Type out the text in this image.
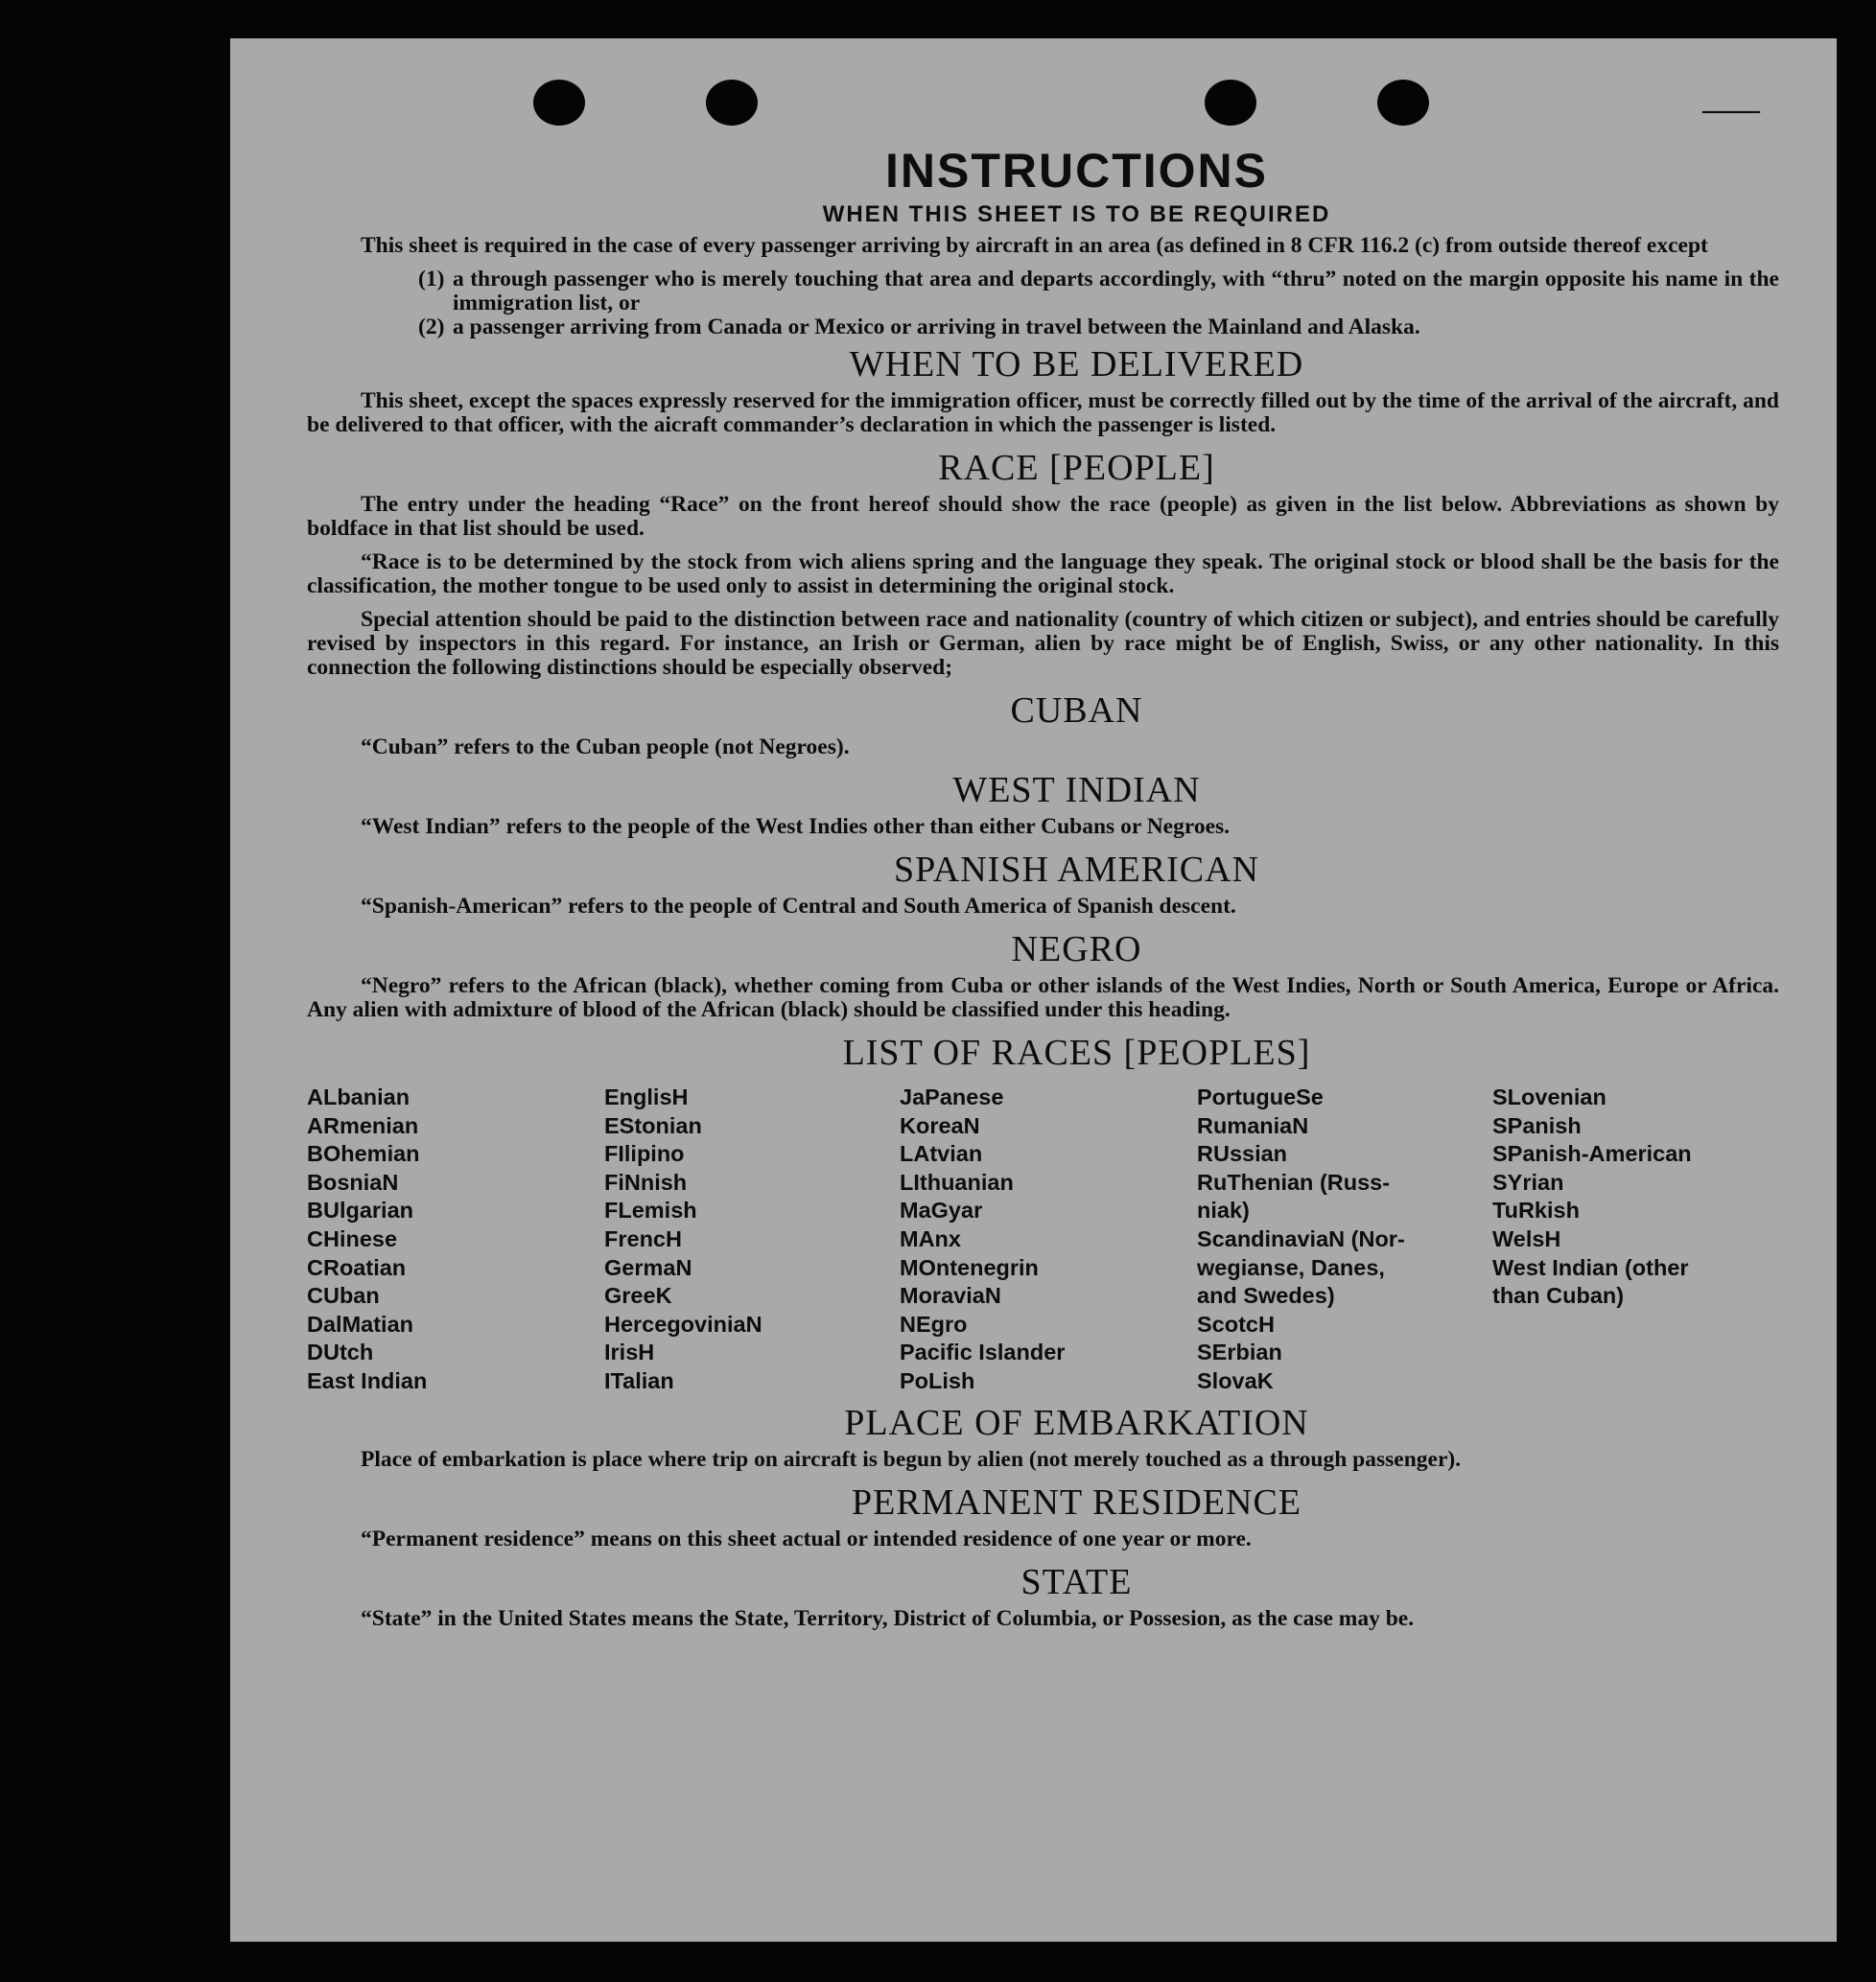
——
INSTRUCTIONS
WHEN THIS SHEET IS TO BE REQUIRED

This sheet is required in the case of every passenger arriving by aircraft in an area (as defined in 8 CFR 116.2 (c) from outside thereof except

(1) a through passenger who is merely touching that area and departs accordingly, with “thru” noted on the margin opposite his name in the immigration list, or
(2) a passenger arriving from Canada or Mexico or arriving in travel between the Mainland and Alaska.
WHEN TO BE DELIVERED

This sheet, except the spaces expressly reserved for the immigration officer, must be correctly filled out by the time of the arrival of the aircraft, and be delivered to that officer, with the aicraft commander’s declaration in which the passenger is listed.

RACE [PEOPLE]

The entry under the heading “Race” on the front hereof should show the race (people) as given in the list below. Abbreviations as shown by boldface in that list should be used.

“Race is to be determined by the stock from wich aliens spring and the language they speak. The original stock or blood shall be the basis for the classification, the mother tongue to be used only to assist in determining the original stock.

Special attention should be paid to the distinction between race and nationality (country of which citizen or subject), and entries should be carefully revised by inspectors in this regard. For instance, an Irish or German, alien by race might be of English, Swiss, or any other nationality. In this connection the following distinctions should be especially observed;

CUBAN

“Cuban” refers to the Cuban people (not Negroes).

WEST INDIAN

“West Indian” refers to the people of the West Indies other than either Cubans or Negroes.

SPANISH AMERICAN

“Spanish-American” refers to the people of Central and South America of Spanish descent.

NEGRO

“Negro” refers to the African (black), whether coming from Cuba or other islands of the West Indies, North or South America, Europe or Africa. Any alien with admixture of blood of the African (black) should be classified under this heading.

LIST OF RACES [PEOPLES]
ALbanian
ARmenian
BOhemian
BosniaN
BUlgarian
CHinese
CRoatian
CUban
DalMatian
DUtch
East Indian
EnglisH
EStonian
FIlipino
FiNnish
FLemish
FrencH
GermaN
GreeK
HercegoviniaN
IrisH
ITalian
JaPanese
KoreaN
LAtvian
LIthuanian
MaGyar
MAnx
MOntenegrin
MoraviaN
NEgro
Pacific Islander
PoLish
PortugueSe
RumaniaN
RUssian
RuThenian (Russ-
niak)
ScandinaviaN (Nor-
wegianse, Danes,
and Swedes)
ScotcH
SErbian
SlovaK
SLovenian
SPanish
SPanish-American
SYrian
TuRkish
WelsH
West Indian (other
than Cuban)
PLACE OF EMBARKATION

Place of embarkation is place where trip on aircraft is begun by alien (not merely touched as a through passenger).

PERMANENT RESIDENCE

“Permanent residence” means on this sheet actual or intended residence of one year or more.

STATE

“State” in the United States means the State, Territory, District of Columbia, or Possesion, as the case may be.
